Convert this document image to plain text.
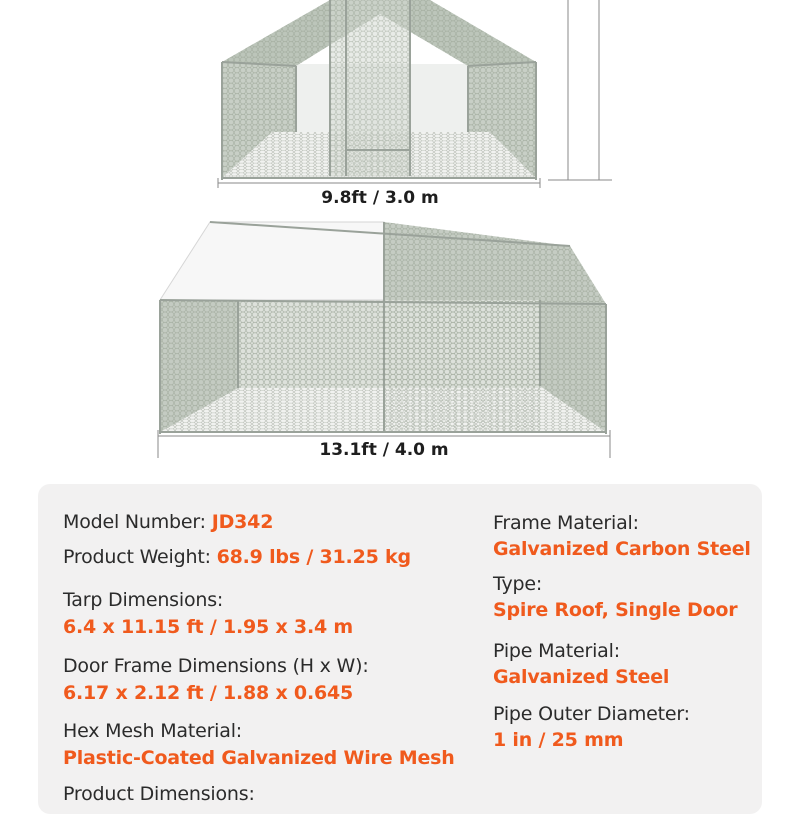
9.8ft / 3.0 m
13.1ft / 4.0 m
Model Number: JD342
Product Weight: 68.9 lbs / 31.25 kg
Tarp Dimensions:
6.4 x 11.15 ft / 1.95 x 3.4 m
Door Frame Dimensions (H x W):
6.17 x 2.12 ft / 1.88 x 0.645
Hex Mesh Material:
Plastic-Coated Galvanized Wire Mesh
Product Dimensions:
Frame Material:
Galvanized Carbon Steel
Type:
Spire Roof, Single Door
Pipe Material:
Galvanized Steel
Pipe Outer Diameter:
1 in / 25 mm
